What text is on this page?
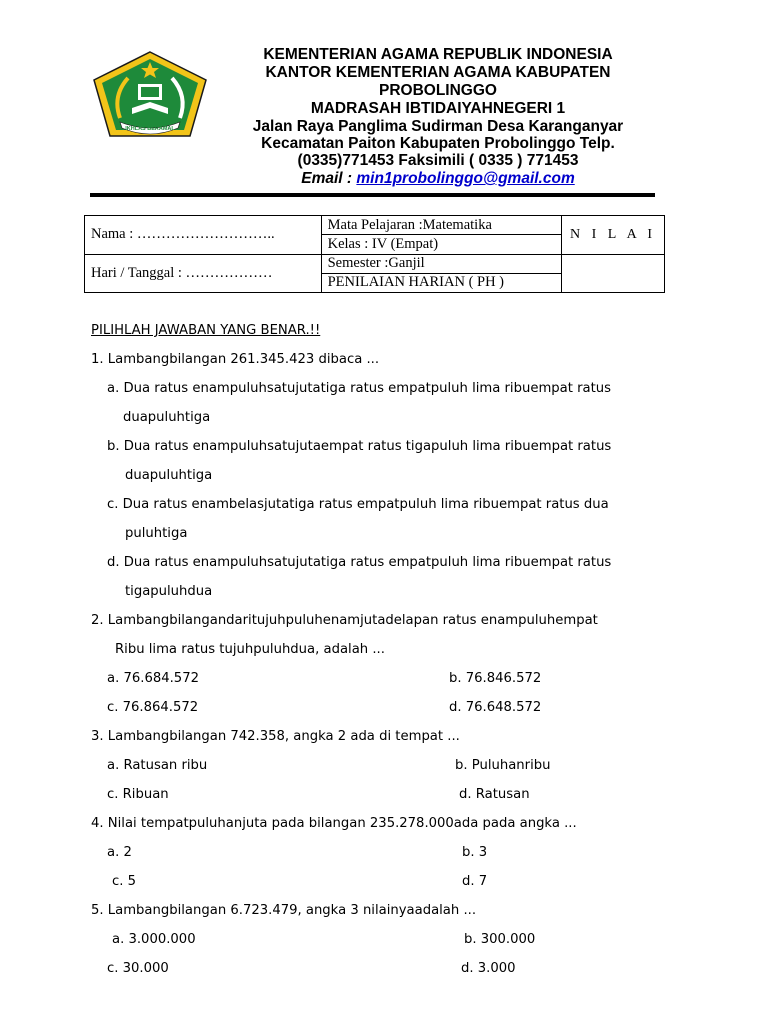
IKHLAS BERAMAL
KEMENTERIAN AGAMA REPUBLIK INDONESIA
KANTOR KEMENTERIAN AGAMA KABUPATEN
PROBOLINGGO
MADRASAH IBTIDAIYAHNEGERI 1
Jalan Raya Panglima Sudirman Desa Karanganyar
Kecamatan Paiton Kabupaten Probolinggo Telp.
(0335)771453 Faksimili ( 0335 ) 771453
Email : min1probolinggo@gmail.com
Nama : ………………………..	Mata Pelajaran :Matematika	N I L A I
	Kelas : IV (Empat)	
Hari / Tanggal : ………………	Semester :Ganjil	
	PENILAIAN HARIAN ( PH )	
PILIHLAH JAWABAN YANG BENAR.!!
1. Lambangbilangan 261.345.423 dibaca ...
a. Dua ratus enampuluhsatujutatiga ratus empatpuluh lima ribuempat ratus
duapuluhtiga
b. Dua ratus enampuluhsatujutaempat ratus tigapuluh lima ribuempat ratus
duapuluhtiga
c. Dua ratus enambelasjutatiga ratus empatpuluh lima ribuempat ratus dua
puluhtiga
d. Dua ratus enampuluhsatujutatiga ratus empatpuluh lima ribuempat ratus
tigapuluhdua
2. Lambangbilangandaritujuhpuluhenamjutadelapan ratus enampuluhempat
Ribu lima ratus tujuhpuluhdua, adalah ...
a. 76.684.572	b. 76.846.572
c. 76.864.572	d. 76.648.572
3. Lambangbilangan 742.358, angka 2 ada di tempat ...
a. Ratusan ribu	b. Puluhanribu
c. Ribuan	d. Ratusan
4. Nilai tempatpuluhanjuta pada bilangan 235.278.000ada pada angka ...
a. 2	b. 3
c. 5	d. 7
5. Lambangbilangan 6.723.479, angka 3 nilainyaadalah ...
a. 3.000.000	b. 300.000
c. 30.000	d. 3.000
